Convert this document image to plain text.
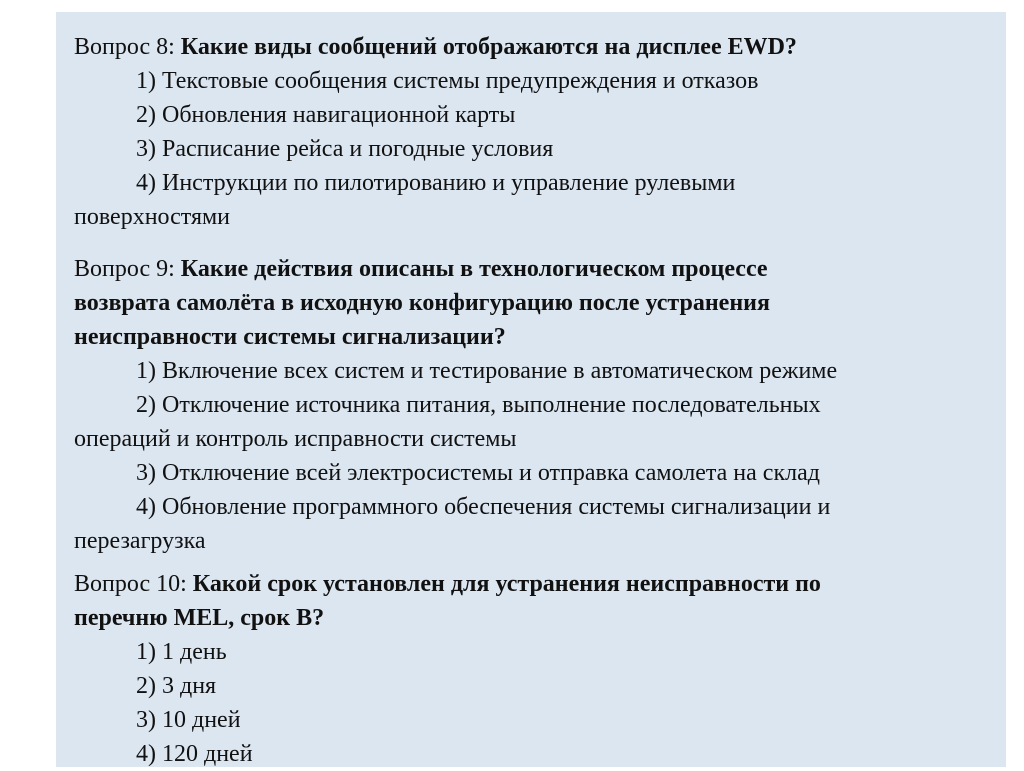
Вопрос 8: Какие виды сообщений отображаются на дисплее EWD?
1) Текстовые сообщения системы предупреждения и отказов
2) Обновления навигационной карты
3) Расписание рейса и погодные условия
4) Инструкции по пилотированию и управление рулевыми
поверхностями
Вопрос 9: Какие действия описаны в технологическом процессе
возврата самолёта в исходную конфигурацию после устранения
неисправности системы сигнализации?
1) Включение всех систем и тестирование в автоматическом режиме
2) Отключение источника питания, выполнение последовательных
операций и контроль исправности системы
3) Отключение всей электросистемы и отправка самолета на склад
4) Обновление программного обеспечения системы сигнализации и
перезагрузка
Вопрос 10: Какой срок установлен для устранения неисправности по
перечню MEL, срок B?
1) 1 день
2) 3 дня
3) 10 дней
4) 120 дней
